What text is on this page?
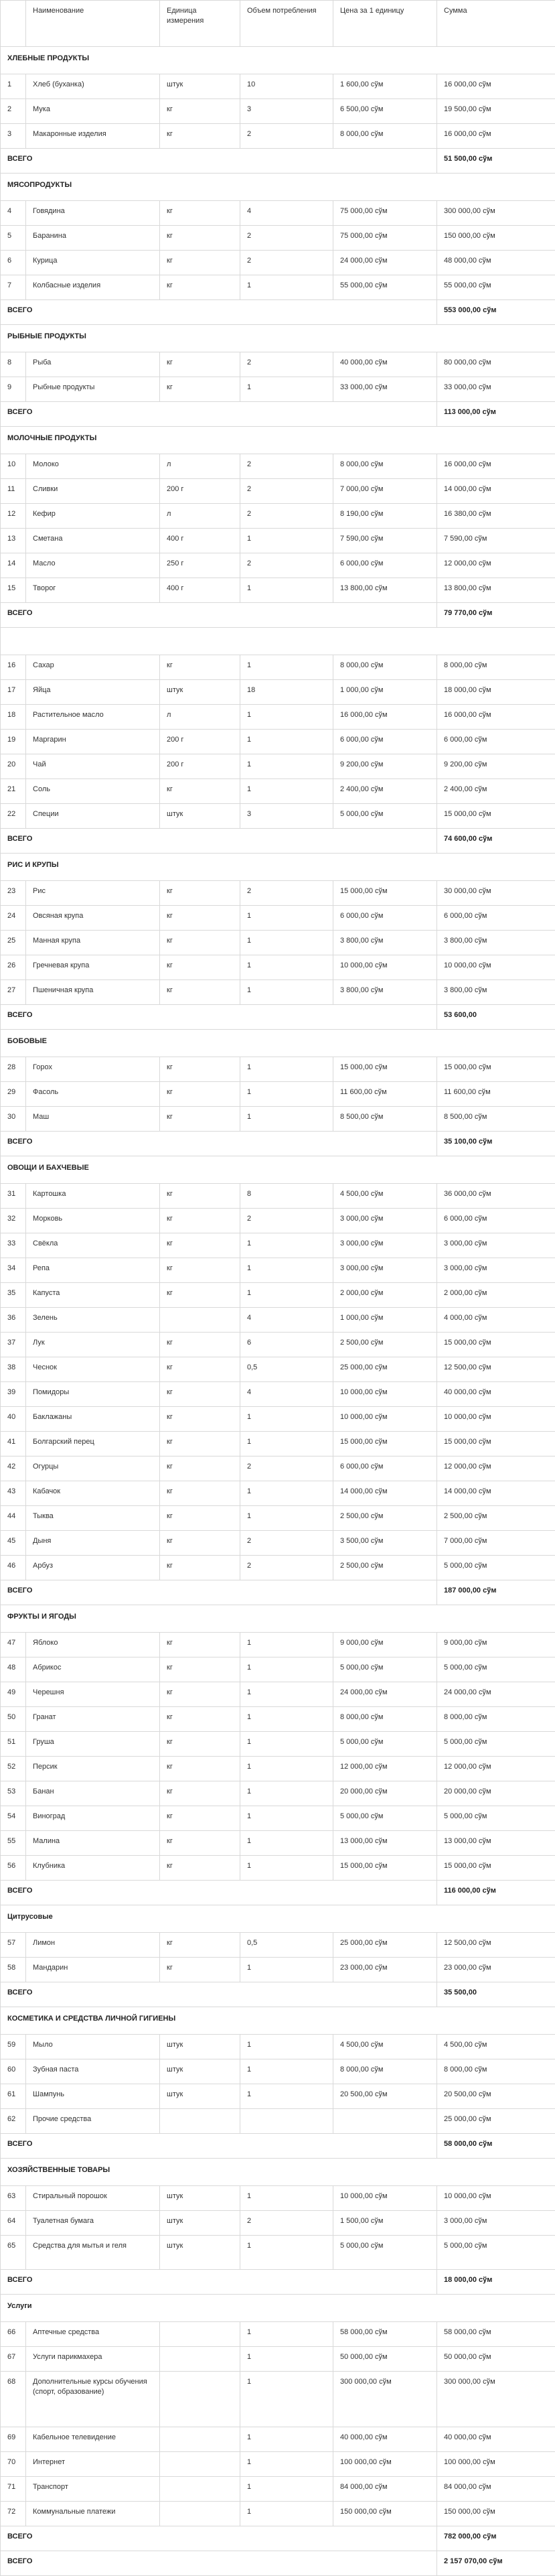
	Наименование	Единица измерения	Объем потребления	Цена за 1 единицу	Сумма
ХЛЕБНЫЕ ПРОДУКТЫ					
1	Хлеб (буханка)	штук	10	1 600,00 сўм	16 000,00 сўм
2	Мука	кг	3	6 500,00 сўм	19 500,00 сўм
3	Макаронные изделия	кг	2	8 000,00 сўм	16 000,00 сўм
ВСЕГО					51 500,00 сўм
МЯСОПРОДУКТЫ					
4	Говядина	кг	4	75 000,00 сўм	300 000,00 сўм
5	Баранина	кг	2	75 000,00 сўм	150 000,00 сўм
6	Курица	кг	2	24 000,00 сўм	48 000,00 сўм
7	Колбасные изделия	кг	1	55 000,00 сўм	55 000,00 сўм
ВСЕГО					553 000,00 сўм
РЫБНЫЕ ПРОДУКТЫ					
8	Рыба	кг	2	40 000,00 сўм	80 000,00 сўм
9	Рыбные продукты	кг	1	33 000,00 сўм	33 000,00 сўм
ВСЕГО					113 000,00 сўм
МОЛОЧНЫЕ ПРОДУКТЫ					
10	Молоко	л	2	8 000,00 сўм	16 000,00 сўм
11	Сливки	200 г	2	7 000,00 сўм	14 000,00 сўм
12	Кефир	л	2	8 190,00 сўм	16 380,00 сўм
13	Сметана	400 г	1	7 590,00 сўм	7 590,00 сўм
14	Масло	250 г	2	6 000,00 сўм	12 000,00 сўм
15	Творог	400 г	1	13 800,00 сўм	13 800,00 сўм
ВСЕГО					79 770,00 сўм

16	Сахар	кг	1	8 000,00 сўм	8 000,00 сўм
17	Яйца	штук	18	1 000,00 сўм	18 000,00 сўм
18	Растительное масло	л	1	16 000,00 сўм	16 000,00 сўм
19	Маргарин	200 г	1	6 000,00 сўм	6 000,00 сўм
20	Чай	200 г	1	9 200,00 сўм	9 200,00 сўм
21	Соль	кг	1	2 400,00 сўм	2 400,00 сўм
22	Специи	штук	3	5 000,00 сўм	15 000,00 сўм
ВСЕГО					74 600,00 сўм
РИС И КРУПЫ					
23	Рис	кг	2	15 000,00 сўм	30 000,00 сўм
24	Овсяная крупа	кг	1	6 000,00 сўм	6 000,00 сўм
25	Манная крупа	кг	1	3 800,00 сўм	3 800,00 сўм
26	Гречневая крупа	кг	1	10 000,00 сўм	10 000,00 сўм
27	Пшеничная крупа	кг	1	3 800,00 сўм	3 800,00 сўм
ВСЕГО					53 600,00
БОБОВЫЕ					
28	Горох	кг	1	15 000,00 сўм	15 000,00 сўм
29	Фасоль	кг	1	11 600,00 сўм	11 600,00 сўм
30	Маш	кг	1	8 500,00 сўм	8 500,00 сўм
ВСЕГО					35 100,00 сўм
ОВОЩИ И БАХЧЕВЫЕ					
31	Картошка	кг	8	4 500,00 сўм	36 000,00 сўм
32	Морковь	кг	2	3 000,00 сўм	6 000,00 сўм
33	Свёкла	кг	1	3 000,00 сўм	3 000,00 сўм
34	Репа	кг	1	3 000,00 сўм	3 000,00 сўм
35	Капуста	кг	1	2 000,00 сўм	2 000,00 сўм
36	Зелень		4	1 000,00 сўм	4 000,00 сўм
37	Лук	кг	6	2 500,00 сўм	15 000,00 сўм
38	Чеснок	кг	0,5	25 000,00 сўм	12 500,00 сўм
39	Помидоры	кг	4	10 000,00 сўм	40 000,00 сўм
40	Баклажаны	кг	1	10 000,00 сўм	10 000,00 сўм
41	Болгарский перец	кг	1	15 000,00 сўм	15 000,00 сўм
42	Огурцы	кг	2	6 000,00 сўм	12 000,00 сўм
43	Кабачок	кг	1	14 000,00 сўм	14 000,00 сўм
44	Тыква	кг	1	2 500,00 сўм	2 500,00 сўм
45	Дыня	кг	2	3 500,00 сўм	7 000,00 сўм
46	Арбуз	кг	2	2 500,00 сўм	5 000,00 сўм
ВСЕГО					187 000,00 сўм
ФРУКТЫ И ЯГОДЫ					
47	Яблоко	кг	1	9 000,00 сўм	9 000,00 сўм
48	Абрикос	кг	1	5 000,00 сўм	5 000,00 сўм
49	Черешня	кг	1	24 000,00 сўм	24 000,00 сўм
50	Гранат	кг	1	8 000,00 сўм	8 000,00 сўм
51	Груша	кг	1	5 000,00 сўм	5 000,00 сўм
52	Персик	кг	1	12 000,00 сўм	12 000,00 сўм
53	Банан	кг	1	20 000,00 сўм	20 000,00 сўм
54	Виноград	кг	1	5 000,00 сўм	5 000,00 сўм
55	Малина	кг	1	13 000,00 сўм	13 000,00 сўм
56	Клубника	кг	1	15 000,00 сўм	15 000,00 сўм
ВСЕГО					116 000,00 сўм
Цитрусовые					
57	Лимон	кг	0,5	25 000,00 сўм	12 500,00 сўм
58	Мандарин	кг	1	23 000,00 сўм	23 000,00 сўм
ВСЕГО					35 500,00
КОСМЕТИКА И СРЕДСТВА ЛИЧНОЙ ГИГИЕНЫ					
59	Мыло	штук	1	4 500,00 сўм	4 500,00 сўм
60	Зубная паста	штук	1	8 000,00 сўм	8 000,00 сўм
61	Шампунь	штук	1	20 500,00 сўм	20 500,00 сўм
62	Прочие средства				25 000,00 сўм
ВСЕГО					58 000,00 сўм
ХОЗЯЙСТВЕННЫЕ ТОВАРЫ					
63	Стиральный порошок	штук	1	10 000,00 сўм	10 000,00 сўм
64	Туалетная бумага	штук	2	1 500,00 сўм	3 000,00 сўм
65	Средства для мытья и геля	штук	1	5 000,00 сўм	5 000,00 сўм
ВСЕГО					18 000,00 сўм
Услуги					
66	Аптечные средства		1	58 000,00 сўм	58 000,00 сўм
67	Услуги парикмахера		1	50 000,00 сўм	50 000,00 сўм
68	Дополнительные курсы обучения (спорт, образование)		1	300 000,00 сўм	300 000,00 сўм
69	Кабельное телевидение		1	40 000,00 сўм	40 000,00 сўм
70	Интернет		1	100 000,00 сўм	100 000,00 сўм
71	Транспорт		1	84 000,00 сўм	84 000,00 сўм
72	Коммунальные платежи		1	150 000,00 сўм	150 000,00 сўм
ВСЕГО					782 000,00 сўм
ВСЕГО					2 157 070,00 сўм
